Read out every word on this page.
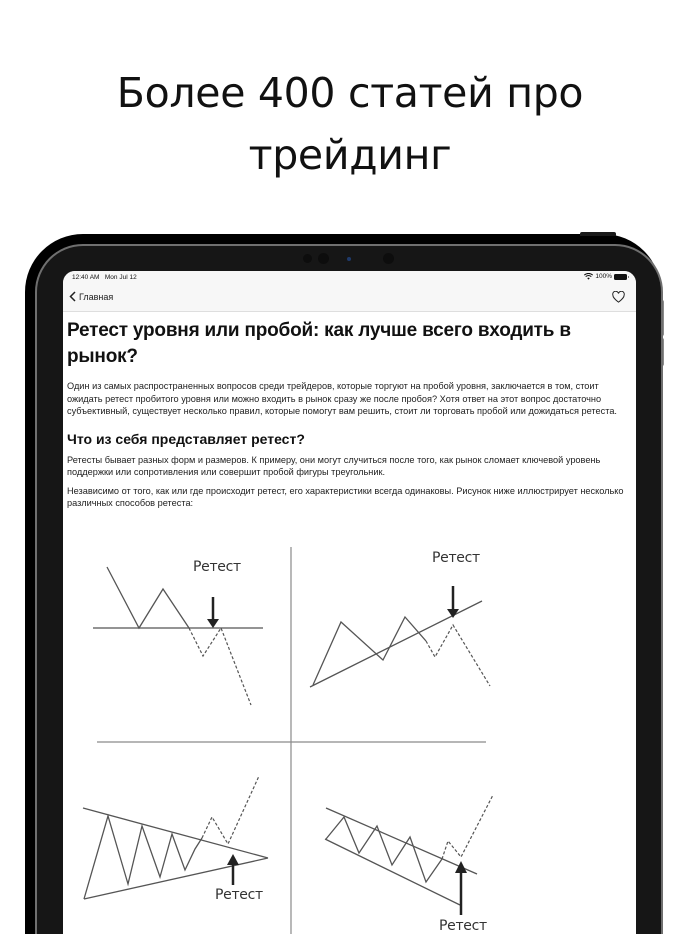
Более 400 статей про
трейдинг
12:40 AM Mon Jul 12	100%
Главная
Ретест уровня или пробой: как лучше всего входить в рынок?

Один из самых распространенных вопросов среди трейдеров, которые торгуют на пробой уровня, заключается в том, стоит ожидать ретест пробитого уровня или можно входить в рынок сразу же после пробоя? Хотя ответ на этот вопрос достаточно субъективный, существует несколько правил, которые помогут вам решить, стоит ли торговать пробой или дожидаться ретеста.

Что из себя представляет ретест?

Ретесты бывает разных форм и размеров. К примеру, они могут случиться после того, как рынок сломает ключевой уровень поддержки или сопротивления или совершит пробой фигуры треугольник.

Независимо от того, как или где происходит ретест, его характеристики всегда одинаковы. Рисунок ниже иллюстрирует несколько различных способов ретеста:

Ретест
Ретест
Ретест
Ретест
